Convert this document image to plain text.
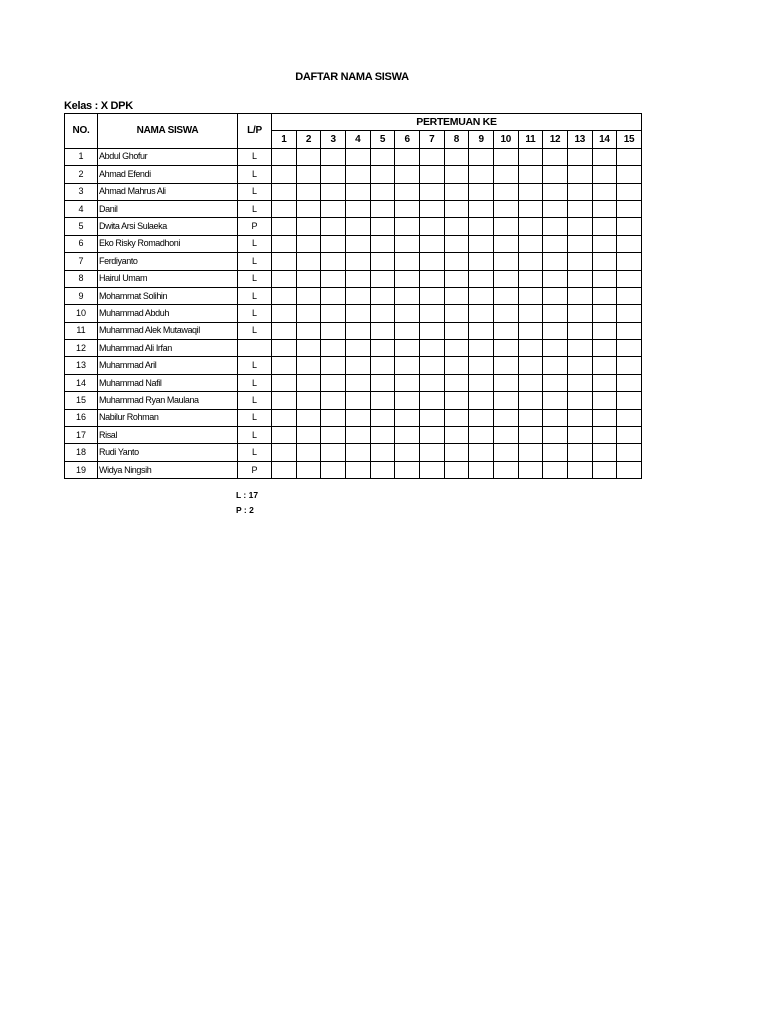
DAFTAR NAMA SISWA
Kelas : X DPK
NO.	NAMA SISWA	L/P	PERTEMUAN KE														
			1	2	3	4	5	6	7	8	9	10	11	12	13	14	15
1	Abdul Ghofur	L															
2	Ahmad Efendi	L															
3	Ahmad Mahrus Ali	L															
4	Danil	L															
5	Dwita Arsi Sulaeka	P															
6	Eko Risky Romadhoni	L															
7	Ferdiyanto	L															
8	Hairul Umam	L															
9	Mohammat Solihin	L															
10	Muhammad Abduh	L															
11	Muhammad Alek Mutawaqil	L															
12	Muhammad Ali Irfan																
13	Muhammad Aril	L															
14	Muhammad Nafil	L															
15	Muhammad Ryan Maulana	L															
16	Nabilur Rohman	L															
17	Risal	L															
18	Rudi Yanto	L															
19	Widya Ningsih	P															
L : 17
P : 2
